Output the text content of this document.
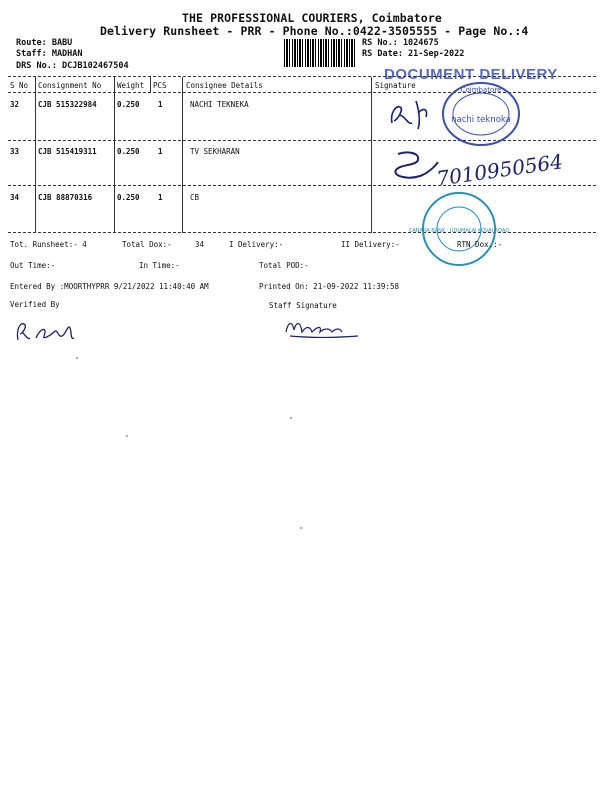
THE PROFESSIONAL COURIERS, Coimbatore
Delivery Runsheet - PRR - Phone No.:0422-3505555 - Page No.:4
Route: BABU
Staff: MADHAN
DRS No.: DCJB102467504
RS No.: 1024675
RS Date: 21-Sep-2022
DOCUMENT DELIVERY
S No Consignment No Weight PCS	Consignee Details	Signature
32	CJB 515322984	0.250 1	NACHI TEKNEKA
33	CJB 515419311	0.250 1	TV SEKHARAN
34	CJB 88870316	0.250 1	CB
nachi teknoka
Coimbatore
7010950564
CANARA BANK · UDUMALAI KOVAI ROAD
Tot. Runsheet:- 4	Total Dox:-	34	I Delivery:-	II Delivery:-	RTN Dox.:-
Out Time:-	In Time:-	Total POD:-
Entered By :MOORTHYPRR 9/21/2022 11:40:40 AM	Printed On: 21-09-2022 11:39:58
Verified By	Staff Signature
